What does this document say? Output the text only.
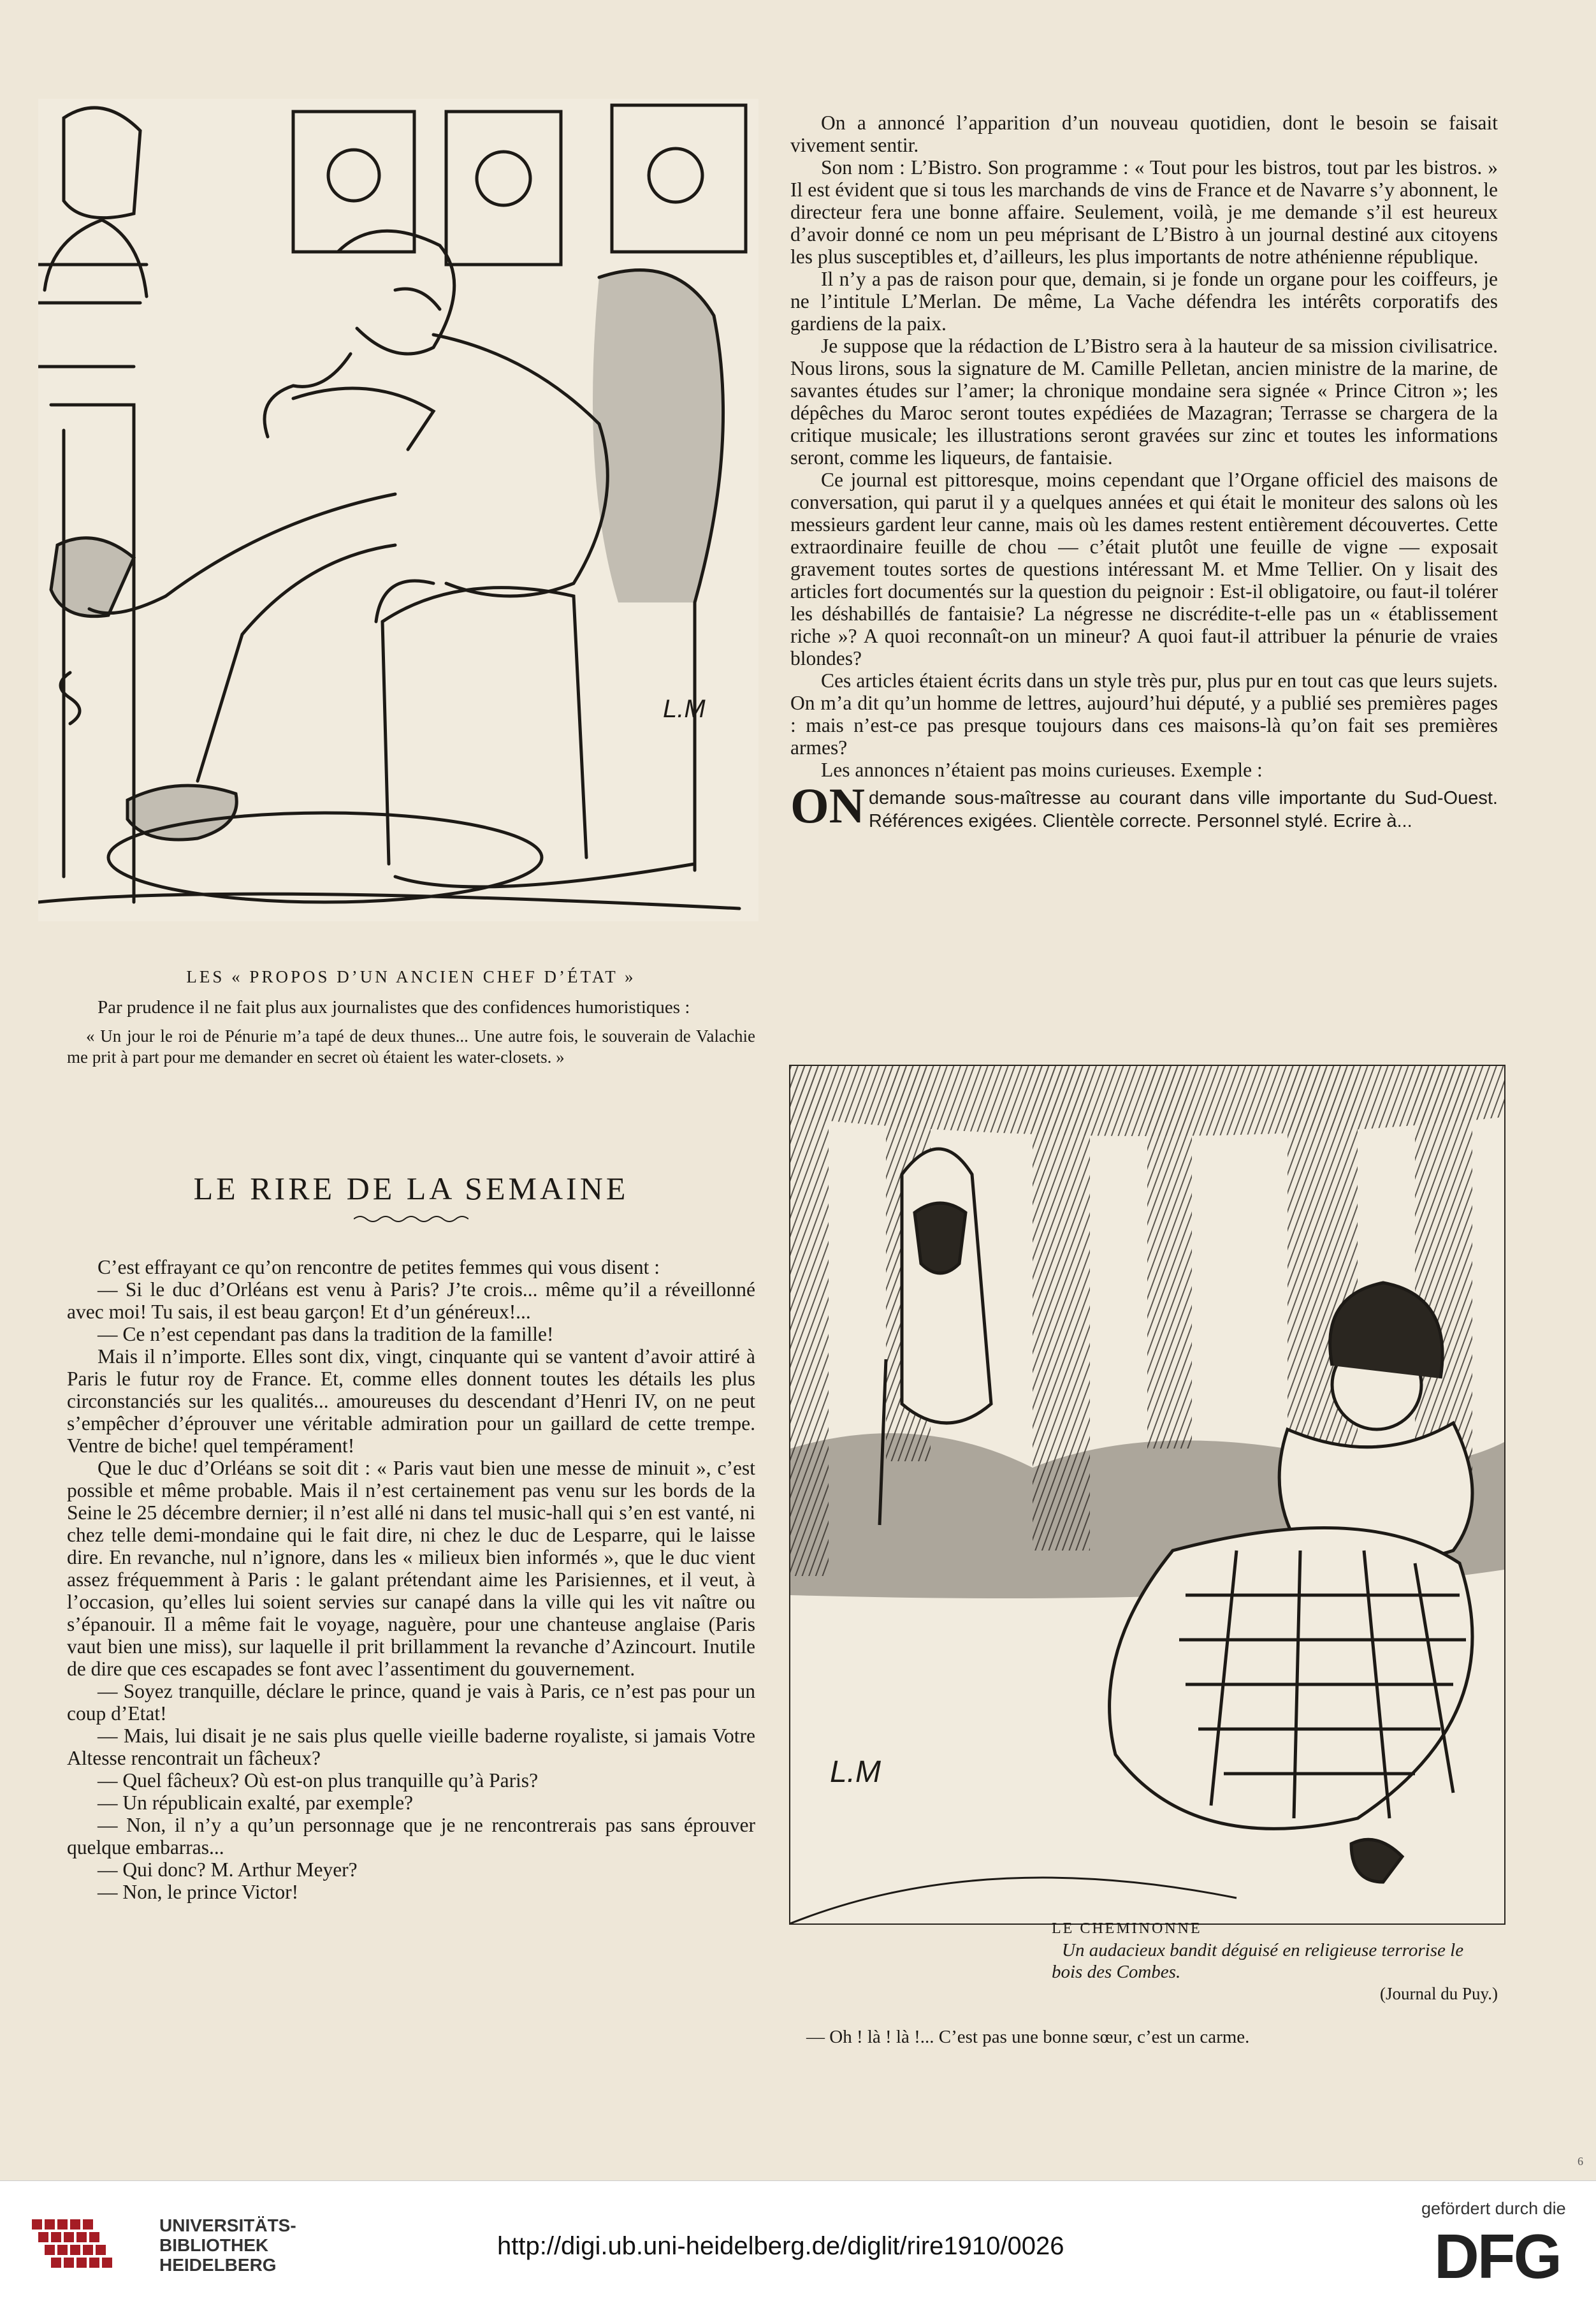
L.M
LES « PROPOS D’UN ANCIEN CHEF D’ÉTAT »

Par prudence il ne fait plus aux journalistes que des confidences humoristiques :

« Un jour le roi de Pénurie m’a tapé de deux thunes... Une autre fois, le souverain de Valachie me prit à part pour me demander en secret où étaient les water-closets. »

LE RIRE DE LA SEMAINE

C’est effrayant ce qu’on rencontre de petites femmes qui vous disent :

— Si le duc d’Orléans est venu à Paris? J’te crois... même qu’il a réveillonné avec moi! Tu sais, il est beau garçon! Et d’un généreux!...

— Ce n’est cependant pas dans la tradition de la famille!

Mais il n’importe. Elles sont dix, vingt, cinquante qui se vantent d’avoir attiré à Paris le futur roy de France. Et, comme elles donnent toutes les détails les plus circonstanciés sur les qualités... amoureuses du descendant d’Henri IV, on ne peut s’empêcher d’éprouver une véritable admiration pour un gaillard de cette trempe. Ventre de biche! quel tempérament!

Que le duc d’Orléans se soit dit : « Paris vaut bien une messe de minuit », c’est possible et même probable. Mais il n’est certainement pas venu sur les bords de la Seine le 25 décembre dernier; il n’est allé ni dans tel music-hall qui s’en est vanté, ni chez telle demi-mondaine qui le fait dire, ni chez le duc de Lesparre, qui le laisse dire. En revanche, nul n’ignore, dans les « milieux bien informés », que le duc vient assez fréquemment à Paris : le galant prétendant aime les Parisiennes, et il veut, à l’occasion, qu’elles lui soient servies sur canapé dans la ville qui les vit naître ou s’épanouir. Il a même fait le voyage, naguère, pour une chanteuse anglaise (Paris vaut bien une miss), sur laquelle il prit brillamment la revanche d’Azincourt. Inutile de dire que ces escapades se font avec l’assentiment du gouvernement.

— Soyez tranquille, déclare le prince, quand je vais à Paris, ce n’est pas pour un coup d’Etat!

— Mais, lui disait je ne sais plus quelle vieille baderne royaliste, si jamais Votre Altesse rencontrait un fâcheux?

— Quel fâcheux? Où est-on plus tranquille qu’à Paris?

— Un républicain exalté, par exemple?

— Non, il n’y a qu’un personnage que je ne rencontrerais pas sans éprouver quelque embarras...

— Qui donc? M. Arthur Meyer?

— Non, le prince Victor!

On a annoncé l’apparition d’un nouveau quotidien, dont le besoin se faisait vivement sentir.

Son nom : L’Bistro. Son programme : « Tout pour les bistros, tout par les bistros. » Il est évident que si tous les marchands de vins de France et de Navarre s’y abonnent, le directeur fera une bonne affaire. Seulement, voilà, je me demande s’il est heureux d’avoir donné ce nom un peu méprisant de L’Bistro à un journal destiné aux citoyens les plus susceptibles et, d’ailleurs, les plus importants de notre athénienne république.

Il n’y a pas de raison pour que, demain, si je fonde un organe pour les coiffeurs, je ne l’intitule L’Merlan. De même, La Vache défendra les intérêts corporatifs des gardiens de la paix.

Je suppose que la rédaction de L’Bistro sera à la hauteur de sa mission civilisatrice. Nous lirons, sous la signature de M. Camille Pelletan, ancien ministre de la marine, de savantes études sur l’amer; la chronique mondaine sera signée « Prince Citron »; les dépêches du Maroc seront toutes expédiées de Mazagran; Terrasse se chargera de la critique musicale; les illustrations seront gravées sur zinc et toutes les informations seront, comme les liqueurs, de fantaisie.

Ce journal est pittoresque, moins cependant que l’Organe officiel des maisons de conversation, qui parut il y a quelques années et qui était le moniteur des salons où les messieurs gardent leur canne, mais où les dames restent entièrement découvertes. Cette extraordinaire feuille de chou — c’était plutôt une feuille de vigne — exposait gravement toutes sortes de questions intéressant M. et Mme Tellier. On y lisait des articles fort documentés sur la question du peignoir : Est-il obligatoire, ou faut-il tolérer les déshabillés de fantaisie? La négresse ne discrédite-t-elle pas un « établissement riche »? A quoi reconnaît-on un mineur? A quoi faut-il attribuer la pénurie de vraies blondes?

Ces articles étaient écrits dans un style très pur, plus pur en tout cas que leurs sujets. On m’a dit qu’un homme de lettres, aujourd’hui député, y a publié ses premières pages : mais n’est-ce pas presque toujours dans ces maisons-là qu’on fait ses premières armes?

Les annonces n’étaient pas moins curieuses. Exemple :

ON demande sous-maîtresse au courant dans ville importante du Sud-Ouest. Références exigées. Clientèle correcte. Personnel stylé. Ecrire à...
L.M
LE CHEMINONNE
Un audacieux bandit déguisé en religieuse terrorise le bois des Combes.
(Journal du Puy.)
— Oh ! là ! là !... C’est pas une bonne sœur, c’est un carme.
6
UNIVERSITÄTS-
BIBLIOTHEK
HEIDELBERG
http://digi.ub.uni-heidelberg.de/diglit/rire1910/0026
gefördert durch die
DFG
